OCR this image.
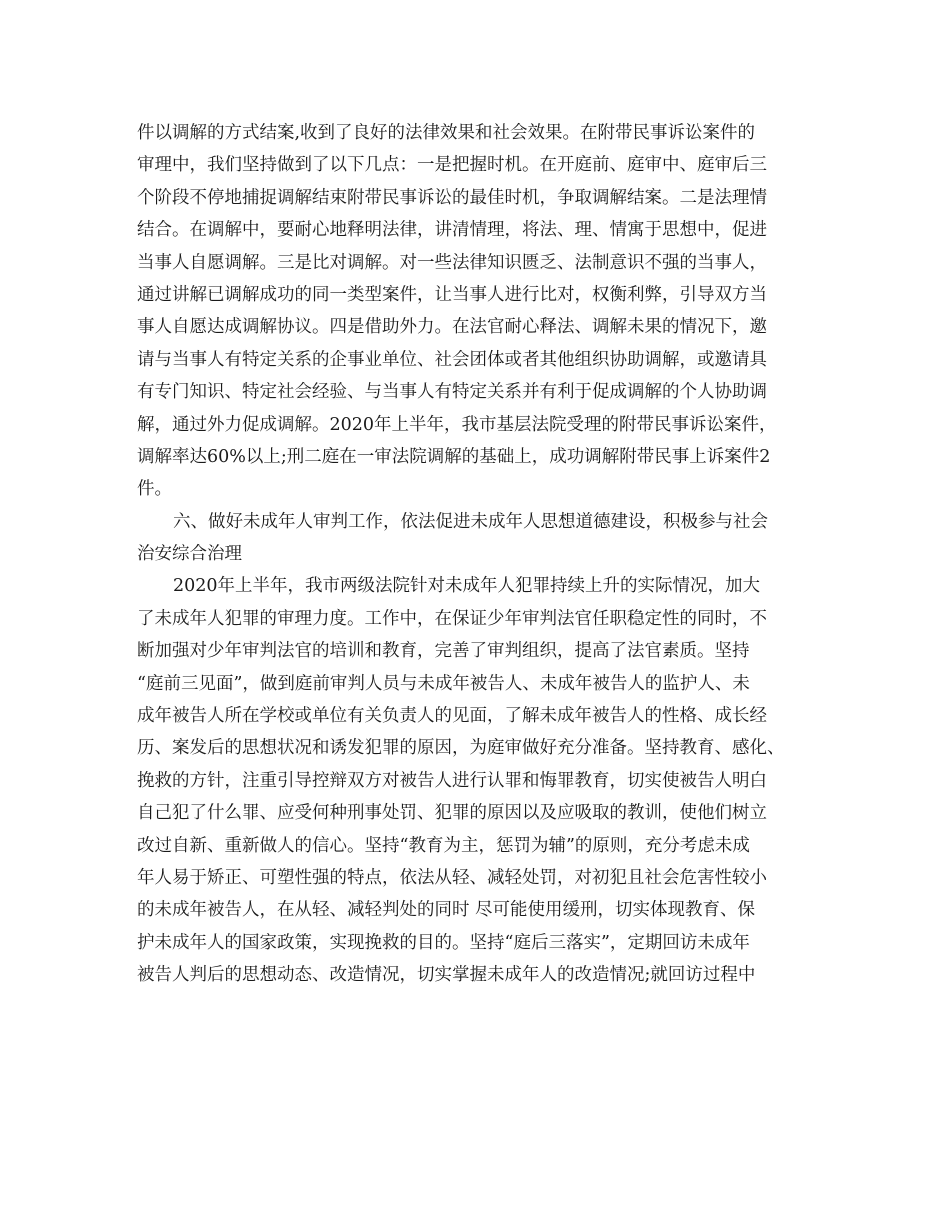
件以调解的方式结案,收到了良好的法律效果和社会效果。在附带民事诉讼案件的
审理中，我们坚持做到了以下几点：一是把握时机。在开庭前、庭审中、庭审后三
个阶段不停地捕捉调解结束附带民事诉讼的最佳时机，争取调解结案。二是法理情
结合。在调解中，要耐心地释明法律，讲清情理，将法、理、情寓于思想中，促进
当事人自愿调解。三是比对调解。对一些法律知识匮乏、法制意识不强的当事人，
通过讲解已调解成功的同一类型案件，让当事人进行比对，权衡利弊，引导双方当
事人自愿达成调解协议。四是借助外力。在法官耐心释法、调解未果的情况下，邀
请与当事人有特定关系的企事业单位、社会团体或者其他组织协助调解，或邀请具
有专门知识、特定社会经验、与当事人有特定关系并有利于促成调解的个人协助调
解，通过外力促成调解。2020年上半年，我市基层法院受理的附带民事诉讼案件，
调解率达60%以上;刑二庭在一审法院调解的基础上，成功调解附带民事上诉案件2
件。
六、做好未成年人审判工作，依法促进未成年人思想道德建设，积极参与社会
治安综合治理
2020年上半年，我市两级法院针对未成年人犯罪持续上升的实际情况，加大
了未成年人犯罪的审理力度。工作中，在保证少年审判法官任职稳定性的同时，不
断加强对少年审判法官的培训和教育，完善了审判组织，提高了法官素质。坚持
“庭前三见面”，做到庭前审判人员与未成年被告人、未成年被告人的监护人、未
成年被告人所在学校或单位有关负责人的见面，了解未成年被告人的性格、成长经
历、案发后的思想状况和诱发犯罪的原因，为庭审做好充分准备。坚持教育、感化、
挽救的方针，注重引导控辩双方对被告人进行认罪和悔罪教育，切实使被告人明白
自己犯了什么罪、应受何种刑事处罚、犯罪的原因以及应吸取的教训，使他们树立
改过自新、重新做人的信心。坚持“教育为主，惩罚为辅”的原则，充分考虑未成
年人易于矫正、可塑性强的特点，依法从轻、减轻处罚，对初犯且社会危害性较小
的未成年被告人，在从轻、减轻判处的同时 尽可能使用缓刑，切实体现教育、保
护未成年人的国家政策，实现挽救的目的。坚持“庭后三落实”，定期回访未成年
被告人判后的思想动态、改造情况，切实掌握未成年人的改造情况;就回访过程中
